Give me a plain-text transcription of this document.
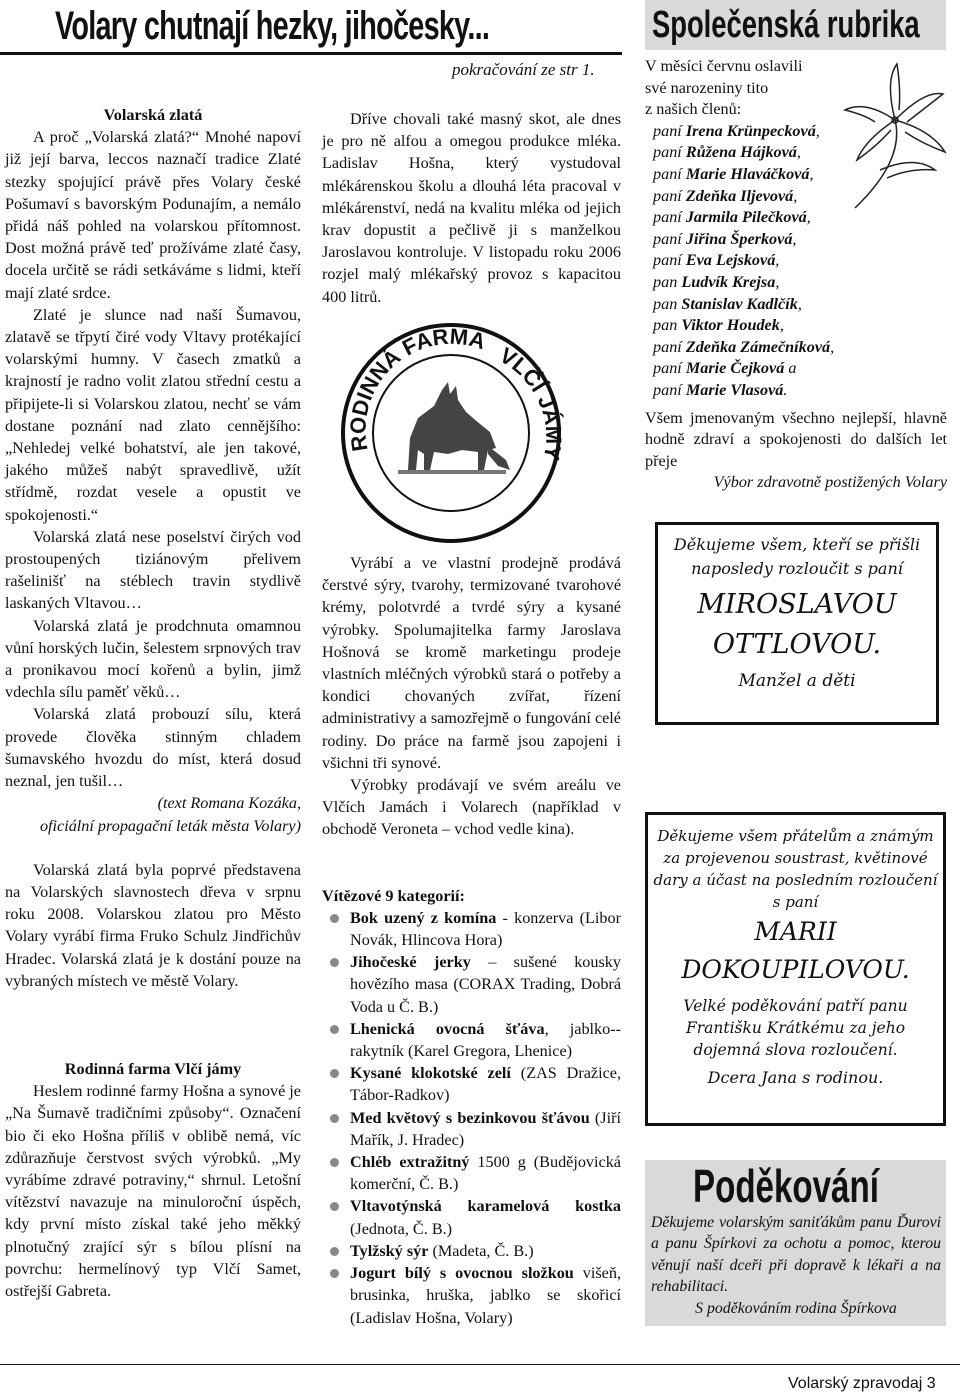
Volary chutnají hezky, jihočesky...
pokračování ze str 1.

Volarská zlatá

A proč „Volarská zlatá?“ Mnohé napoví již její barva, leccos naznačí tradice Zlaté stezky spojující právě přes Volary české Pošumaví s bavorským Podunajím, a nemálo přidá náš pohled na volarskou přítomnost. Dost možná právě teď prožíváme zlaté časy, docela určitě se rádi setkáváme s lidmi, kteří mají zlaté srdce.

Zlaté je slunce nad naší Šumavou, zlatavě se třpytí čiré vody Vltavy protékající volarskými humny. V časech zmatků a krajností je radno volit zlatou střední cestu a připijete-li si Volarskou zlatou, nechť se vám dostane poznání nad zlato cennějšího: „Nehledej velké bohatství, ale jen takové, jakého můžeš nabýt spravedlivě, užít střídmě, rozdat vesele a opustit ve spokojenosti.“

Volarská zlatá nese poselství čirých vod prostoupených tiziánovým přelivem rašelinišť na stéblech travin stydlivě laskaných Vltavou…

Volarská zlatá je prodchnuta omamnou vůní horských lučin, šelestem srpnových trav a pronikavou mocí kořenů a bylin, jimž vdechla sílu paměť věků…

Volarská zlatá probouzí sílu, která provede člověka stinným chladem šumavského hvozdu do míst, která dosud neznal, jen tušil…

(text Romana Kozáka,

oficiální propagační leták města Volary)

Volarská zlatá byla poprvé představena na Volarských slavnostech dřeva v srpnu roku 2008. Volarskou zlatou pro Město Volary vyrábí firma Fruko Schulz Jindřichův Hradec. Volarská zlatá je k dostání pouze na vybraných místech ve městě Volary.

Rodinná farma Vlčí jámy

Heslem rodinné farmy Hošna a synové je „Na Šumavě tradičními způsoby“. Označení bio či eko Hošna příliš v oblibě nemá, víc zdůrazňuje čerstvost svých výrobků. „My vyrábíme zdravé potraviny,“ shrnul. Letošní vítězství navazuje na minuloroční úspěch, kdy první místo získal také jeho měkký plnotučný zrající sýr s bílou plísní na povrchu: hermelínový typ Vlčí Samet, ostřejší Gabreta.

Dříve chovali také masný skot, ale dnes je pro ně alfou a omegou produkce mléka. Ladislav Hošna, který vystudoval mlékárenskou školu a dlouhá léta pracoval v mlékárenství, nedá na kvalitu mléka od jejich krav dopustit a pečlivě ji s manželkou Jaroslavou kontroluje. V listopadu roku 2006 rozjel malý mlékařský provoz s kapacitou 400 litrů.

RODINNÁ FARMA
VLČÍ JÁMY

Vyrábí a ve vlastní prodejně prodává čerstvé sýry, tvarohy, termizované tvarohové krémy, polotvrdé a tvrdé sýry a kysané výrobky. Spolumajitelka farmy Jaroslava Hošnová se kromě marketingu prodeje vlastních mléčných výrobků stará o potřeby a kondici chovaných zvířat, řízení administrativy a samozřejmě o fungování celé rodiny. Do práce na farmě jsou zapojeni i všichni tři synové.

Výrobky prodávají ve svém areálu ve Vlčích Jamách i Volarech (například v obchodě Veroneta – vchod vedle kina).

Vítězové 9 kategorií:

Bok uzený z komína - konzerva (Libor Novák, Hlincova Hora)

Jihočeské jerky – sušené kousky hovězího masa (CORAX Trading, Dobrá Voda u Č. B.)

Lhenická ovocná šťáva, jablko--rakytník (Karel Gregora, Lhenice)

Kysané klokotské zelí (ZAS Dražice, Tábor-Radkov)

Med květový s bezinkovou šťávou (Jiří Mařík, J. Hradec)

Chléb extražitný 1500 g (Budějovická komerční, Č. B.)

Vltavotýnská karamelová kostka (Jednota, Č. B.)

Tylžský sýr (Madeta, Č. B.)

Jogurt bílý s ovocnou složkou višeň, brusinka, hruška, jablko se skořicí (Ladislav Hošna, Volary)

Společenská rubrika

V měsíci červnu oslavili

své narozeniny tito

z našich členů:

paní Irena Krünpecková,
paní Růžena Hájková,
paní Marie Hlaváčková,
paní Zdeňka Iljevová,
paní Jarmila Pilečková,
paní Jiřina Šperková,
paní Eva Lejsková,
pan Ludvík Krejsa,
pan Stanislav Kadlčík,
pan Viktor Houdek,
paní Zdeňka Zámečníková,
paní Marie Čejková a
paní Marie Vlasová.

Všem jmenovaným všechno nejlepší, hlavně hodně zdraví a spokojenosti do dalších let přeje

Výbor zdravotně postižených Volary

Děkujeme všem, kteří se přišli
naposledy rozloučit s paní
MIROSLAVOU
OTTLOVOU.
Manžel a děti
Děkujeme všem přátelům a známým
za projevenou soustrast, květinové
dary a účast na posledním rozloučení
s paní
MARII
DOKOUPILOVOU.
Velké poděkování patří panu
Františku Krátkému za jeho
dojemná slova rozloučení.
Dcera Jana s rodinou.
Poděkování
Děkujeme volarským saniťákům panu Ďurovi a panu Špírkovi za ochotu a pomoc, kterou věnují naší dceři při dopravě k lékaři a na rehabilitaci.
S poděkováním rodina Špírkova
Volarský zpravodaj 3
